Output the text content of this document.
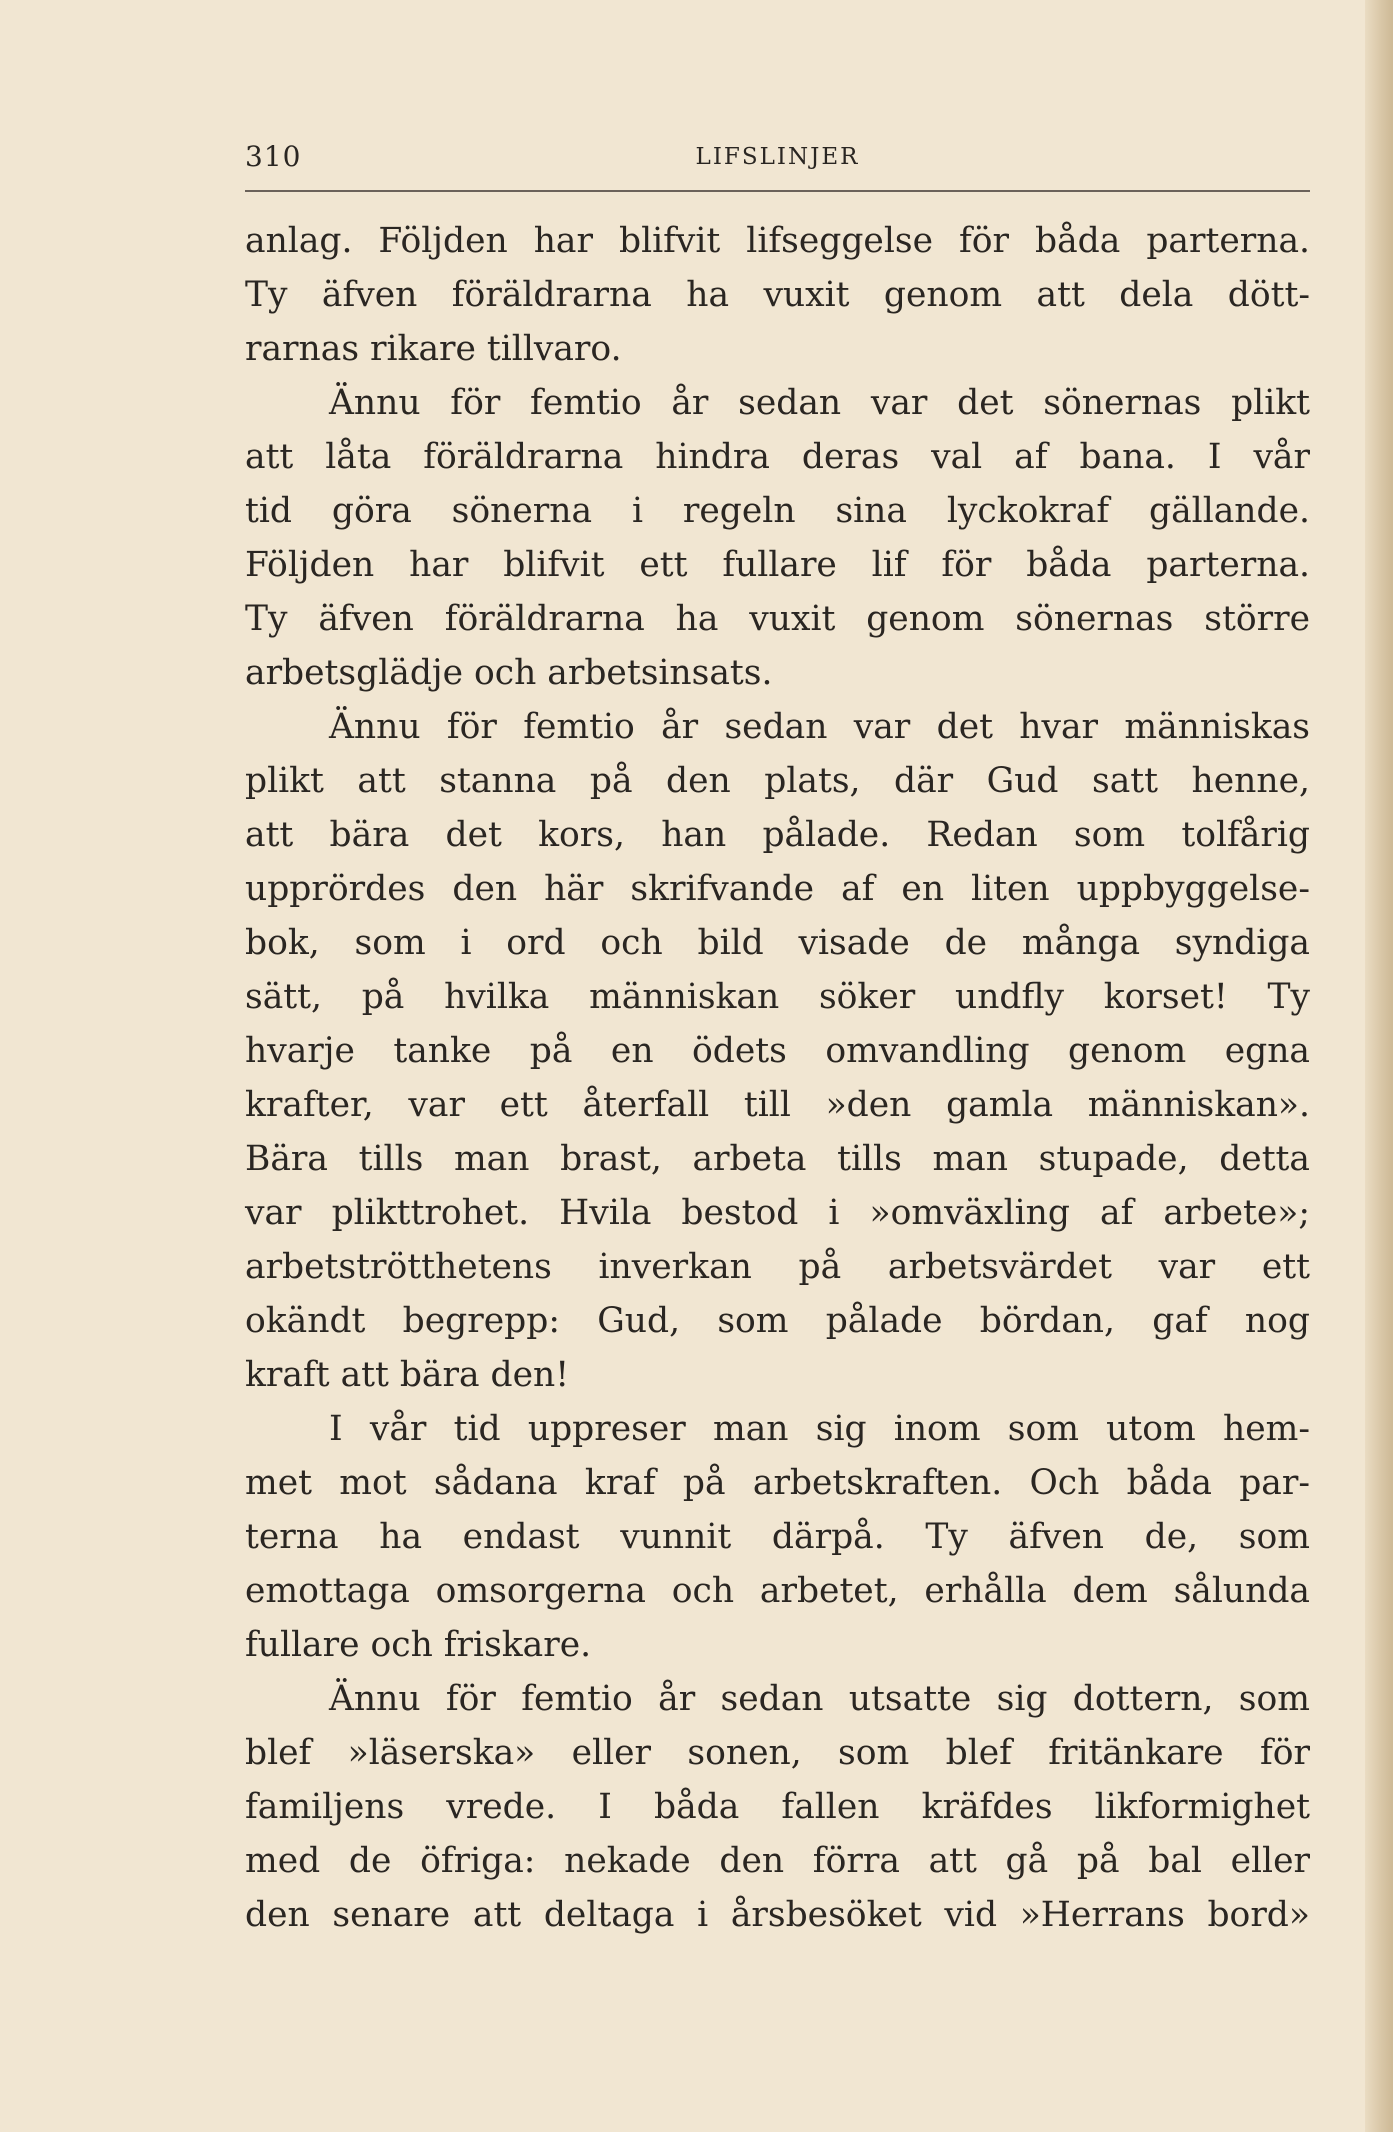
310	LIFSLINJER

anlag. Följden har blifvit lifseggelse för båda parterna.
Ty äfven föräldrarna ha vuxit genom att dela dött-
rarnas rikare tillvaro.

Ännu för femtio år sedan var det sönernas plikt
att låta föräldrarna hindra deras val af bana. I vår
tid göra sönerna i regeln sina lyckokraf gällande.
Följden har blifvit ett fullare lif för båda parterna.
Ty äfven föräldrarna ha vuxit genom sönernas större
arbetsglädje och arbetsinsats.

Ännu för femtio år sedan var det hvar människas
plikt att stanna på den plats, där Gud satt henne,
att bära det kors, han pålade. Redan som tolfårig
upprördes den här skrifvande af en liten uppbyggelse-
bok, som i ord och bild visade de många syndiga
sätt, på hvilka människan söker undfly korset! Ty
hvarje tanke på en ödets omvandling genom egna
krafter, var ett återfall till »den gamla människan».
Bära tills man brast, arbeta tills man stupade, detta
var plikttrohet. Hvila bestod i »omväxling af arbete»;
arbetströtthetens inverkan på arbetsvärdet var ett
okändt begrepp: Gud, som pålade bördan, gaf nog
kraft att bära den!

I vår tid uppreser man sig inom som utom hem-
met mot sådana kraf på arbetskraften. Och båda par-
terna ha endast vunnit därpå. Ty äfven de, som
emottaga omsorgerna och arbetet, erhålla dem sålunda
fullare och friskare.

Ännu för femtio år sedan utsatte sig dottern, som
blef »läserska» eller sonen, som blef fritänkare för
familjens vrede. I båda fallen kräfdes likformighet
med de öfriga: nekade den förra att gå på bal eller
den senare att deltaga i årsbesöket vid »Herrans bord»
